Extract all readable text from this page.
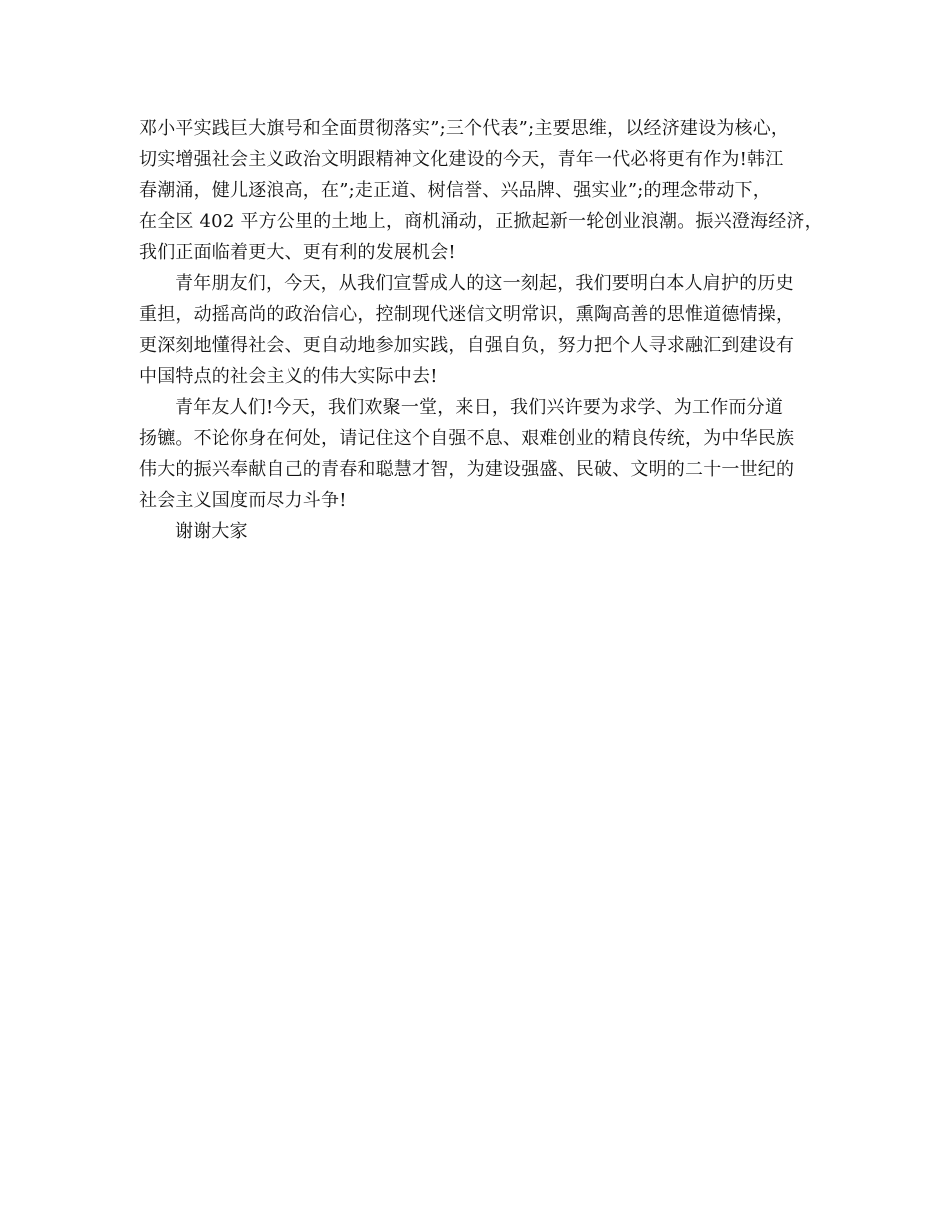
邓小平实践巨大旗号和全面贯彻落实”;三个代表”;主要思维，以经济建设为核心，
切实增强社会主义政治文明跟精神文化建设的今天，青年一代必将更有作为!韩江
春潮涌，健儿逐浪高，在”;走正道、树信誉、兴品牌、强实业”;的理念带动下，
在全区 402 平方公里的土地上，商机涌动，正掀起新一轮创业浪潮。振兴澄海经济，
我们正面临着更大、更有利的发展机会!
青年朋友们，今天，从我们宣誓成人的这一刻起，我们要明白本人肩护的历史
重担，动摇高尚的政治信心，控制现代迷信文明常识，熏陶高善的思惟道德情操，
更深刻地懂得社会、更自动地参加实践，自强自负，努力把个人寻求融汇到建设有
中国特点的社会主义的伟大实际中去!
青年友人们!今天，我们欢聚一堂，来日，我们兴许要为求学、为工作而分道
扬镳。不论你身在何处，请记住这个自强不息、艰难创业的精良传统，为中华民族
伟大的振兴奉献自己的青春和聪慧才智，为建设强盛、民破、文明的二十一世纪的
社会主义国度而尽力斗争!
谢谢大家
